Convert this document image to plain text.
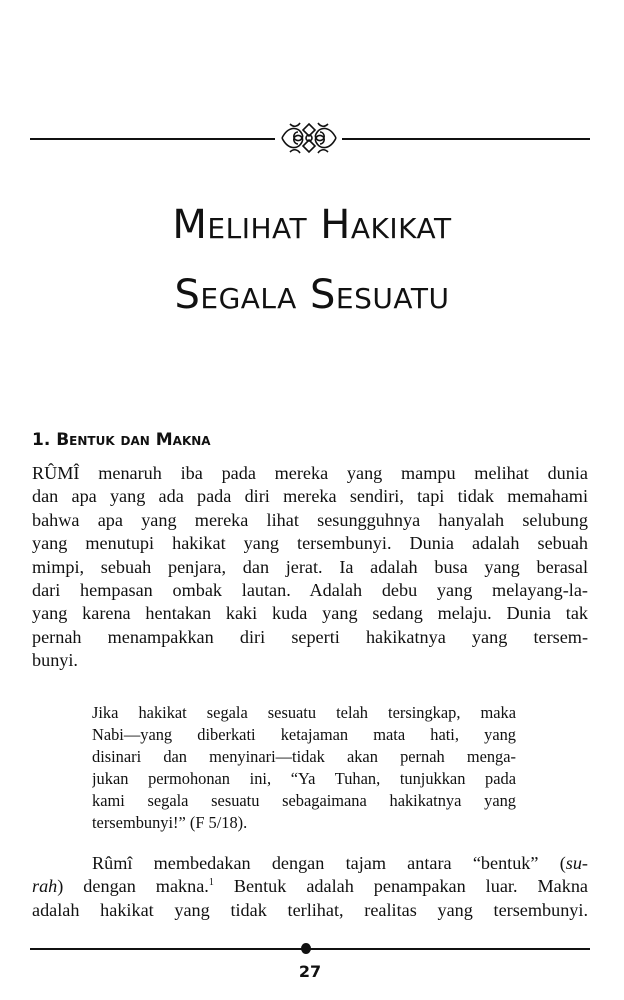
Melihat Hakikat
Segala Sesuatu
1. Bentuk dan Makna
RÛMÎ menaruh iba pada mereka yang mampu melihat dunia
dan apa yang ada pada diri mereka sendiri, tapi tidak memahami
bahwa apa yang mereka lihat sesungguhnya hanyalah selubung
yang menutupi hakikat yang tersembunyi. Dunia adalah sebuah
mimpi, sebuah penjara, dan jerat. Ia adalah busa yang berasal
dari hempasan ombak lautan. Adalah debu yang melayang-la-
yang karena hentakan kaki kuda yang sedang melaju. Dunia tak
pernah menampakkan diri seperti hakikatnya yang tersem-
bunyi.
Jika hakikat segala sesuatu telah tersingkap, maka
Nabi—yang diberkati ketajaman mata hati, yang
disinari dan menyinari—tidak akan pernah menga-
jukan permohonan ini, “Ya Tuhan, tunjukkan pada
kami segala sesuatu sebagaimana hakikatnya yang
tersembunyi!” (F 5/18).
Rûmî membedakan dengan tajam antara “bentuk” (su-
rah) dengan makna.$^1$ Bentuk adalah penampakan luar. Makna
adalah hakikat yang tidak terlihat, realitas yang tersembunyi.
27
